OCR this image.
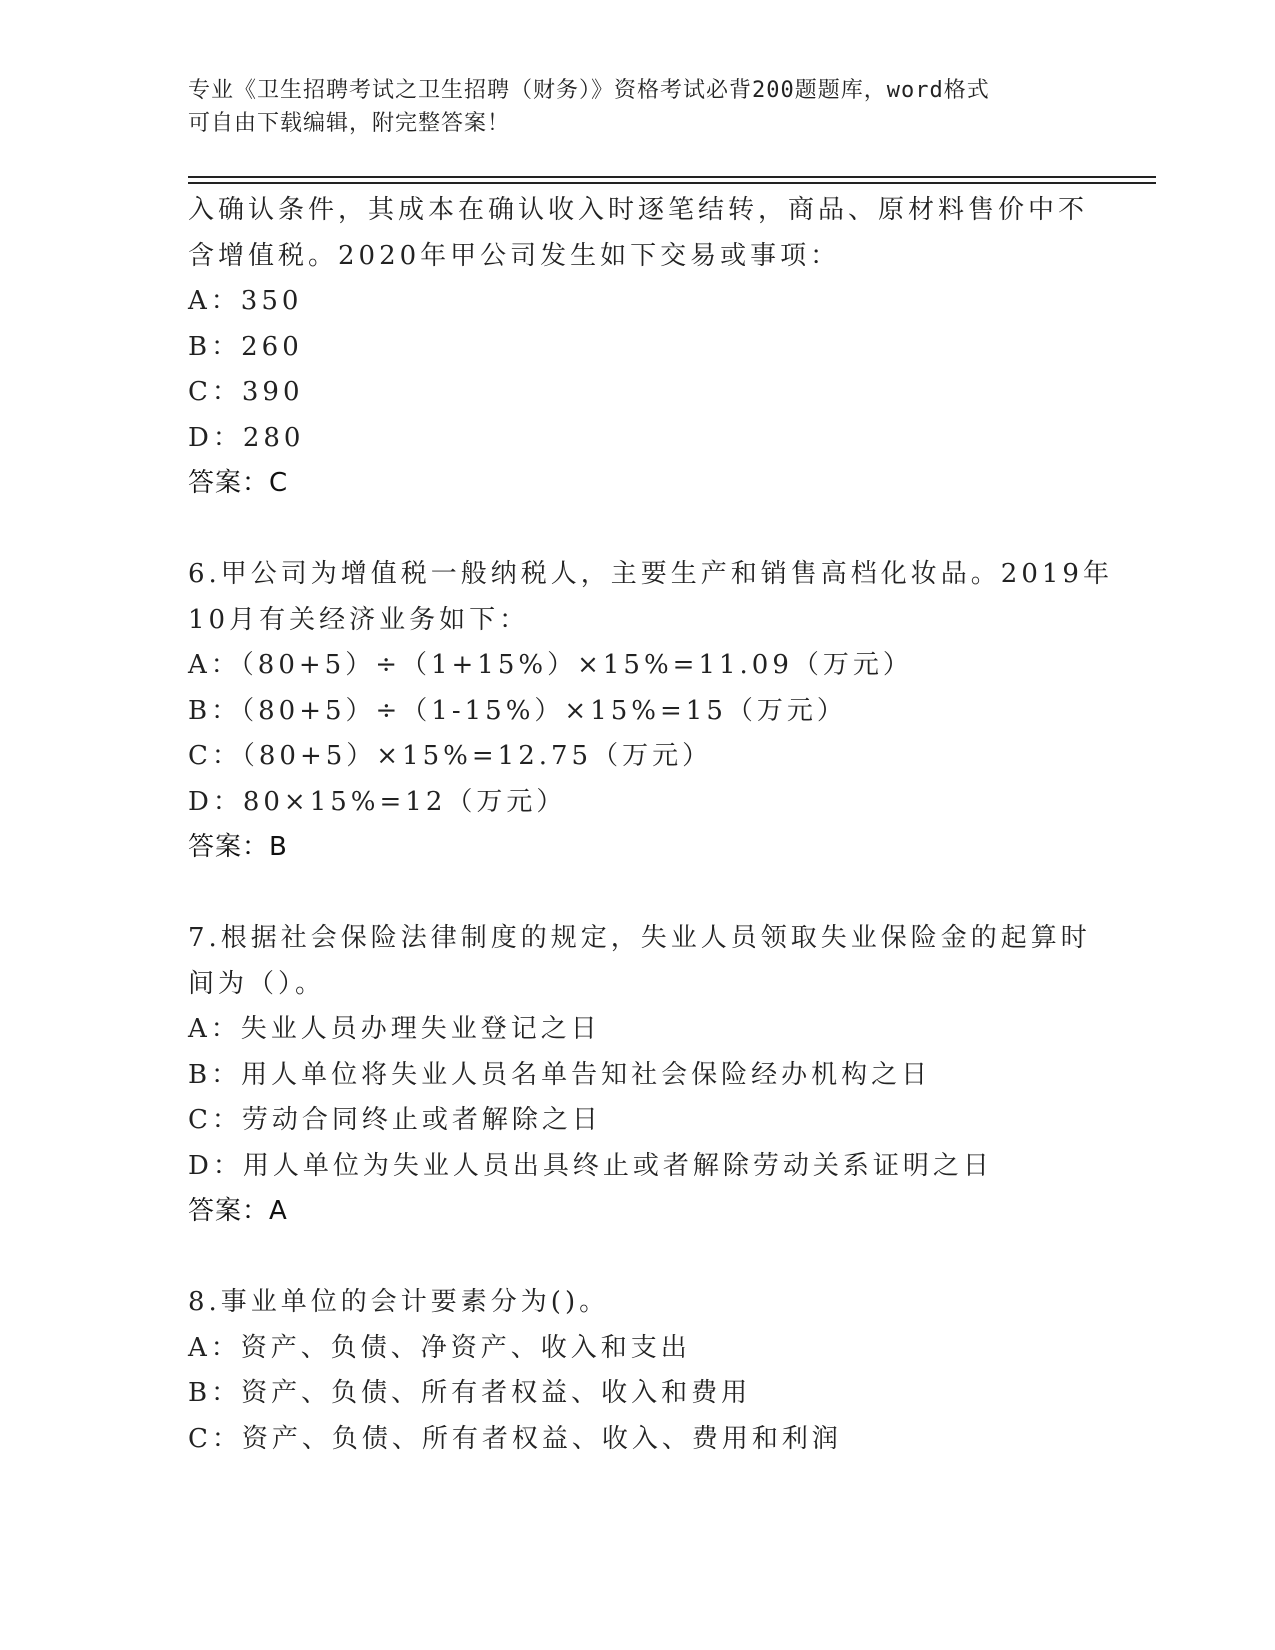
专业《卫生招聘考试之卫生招聘（财务）》资格考试必背200题题库，word格式
可自由下载编辑，附完整答案！
入确认条件，其成本在确认收入时逐笔结转，商品、原材料售价中不
含增值税。2020年甲公司发生如下交易或事项：
A：350
B：260
C：390
D：280
答案：C
6.甲公司为增值税一般纳税人，主要生产和销售高档化妆品。2019年
10月有关经济业务如下：
A：（80+5）÷（1+15%）×15%=11.09（万元）
B：（80+5）÷（1-15%）×15%=15（万元）
C：（80+5）×15%=12.75（万元）
D：80×15%=12（万元）
答案：B
7.根据社会保险法律制度的规定，失业人员领取失业保险金的起算时
间为（）。
A：失业人员办理失业登记之日
B：用人单位将失业人员名单告知社会保险经办机构之日
C：劳动合同终止或者解除之日
D：用人单位为失业人员出具终止或者解除劳动关系证明之日
答案：A
8.事业单位的会计要素分为()。
A：资产、负债、净资产、收入和支出
B：资产、负债、所有者权益、收入和费用
C：资产、负债、所有者权益、收入、费用和利润
